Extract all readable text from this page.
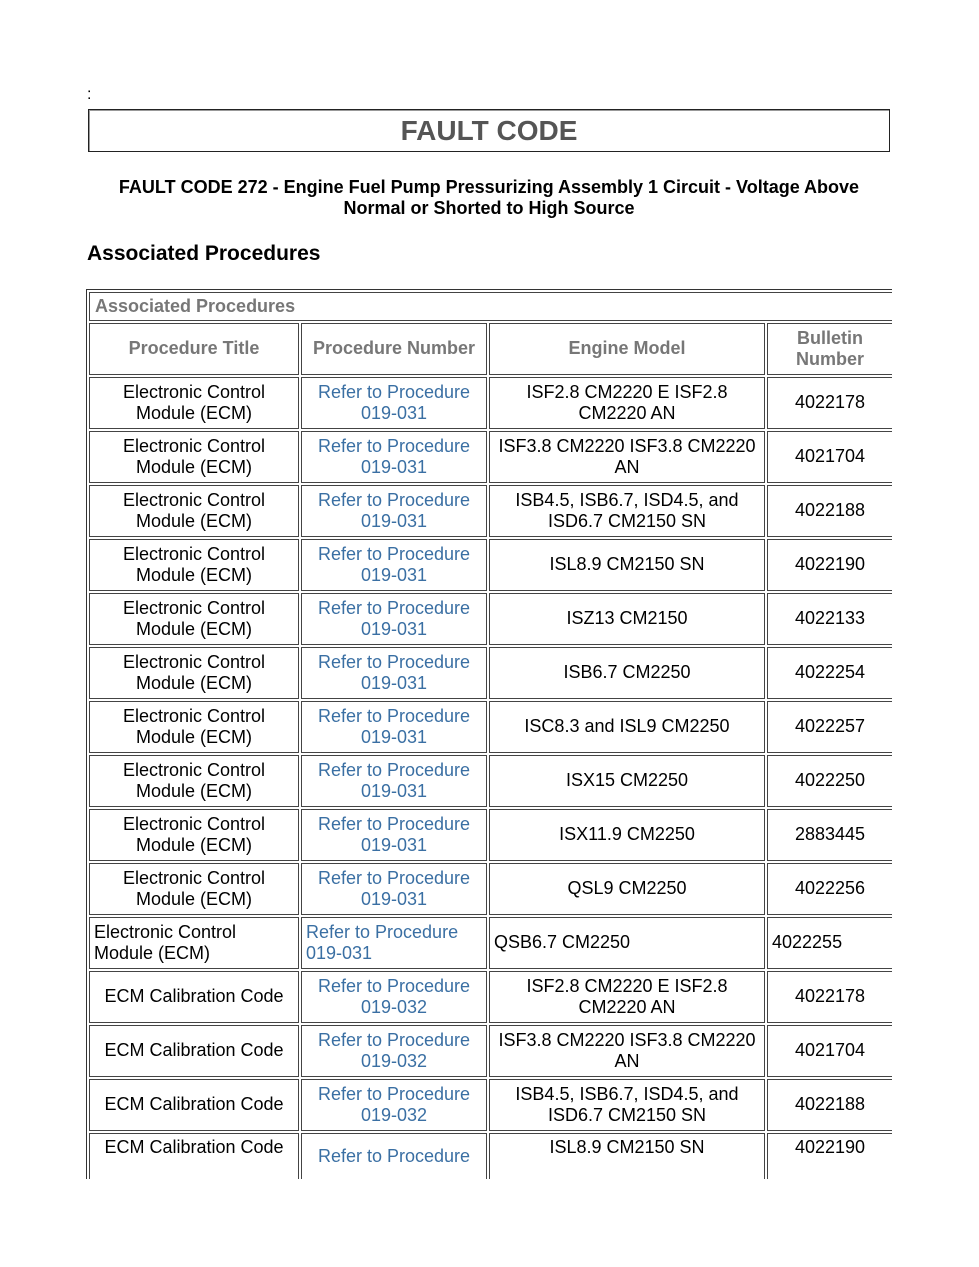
:
FAULT CODE
FAULT CODE 272 - Engine Fuel Pump Pressurizing Assembly 1 Circuit - Voltage Above Normal or Shorted to High Source
Associated Procedures
Associated Procedures			
Procedure Title	Procedure Number	Engine Model	Bulletin Number
Electronic Control Module (ECM)	Refer to Procedure 019-031	ISF2.8 CM2220 E ISF2.8 CM2220 AN	4022178
Electronic Control Module (ECM)	Refer to Procedure 019-031	ISF3.8 CM2220 ISF3.8 CM2220 AN	4021704
Electronic Control Module (ECM)	Refer to Procedure 019-031	ISB4.5, ISB6.7, ISD4.5, and ISD6.7 CM2150 SN	4022188
Electronic Control Module (ECM)	Refer to Procedure 019-031	ISL8.9 CM2150 SN	4022190
Electronic Control Module (ECM)	Refer to Procedure 019-031	ISZ13 CM2150	4022133
Electronic Control Module (ECM)	Refer to Procedure 019-031	ISB6.7 CM2250	4022254
Electronic Control Module (ECM)	Refer to Procedure 019-031	ISC8.3 and ISL9 CM2250	4022257
Electronic Control Module (ECM)	Refer to Procedure 019-031	ISX15 CM2250	4022250
Electronic Control Module (ECM)	Refer to Procedure 019-031	ISX11.9 CM2250	2883445
Electronic Control Module (ECM)	Refer to Procedure 019-031	QSL9 CM2250	4022256
Electronic Control Module (ECM)	Refer to Procedure 019-031	QSB6.7 CM2250	4022255
ECM Calibration Code	Refer to Procedure 019-032	ISF2.8 CM2220 E ISF2.8 CM2220 AN	4022178
ECM Calibration Code	Refer to Procedure 019-032	ISF3.8 CM2220 ISF3.8 CM2220 AN	4021704
ECM Calibration Code	Refer to Procedure 019-032	ISB4.5, ISB6.7, ISD4.5, and ISD6.7 CM2150 SN	4022188
ECM Calibration Code	Refer to Procedure	ISL8.9 CM2150 SN	4022190
